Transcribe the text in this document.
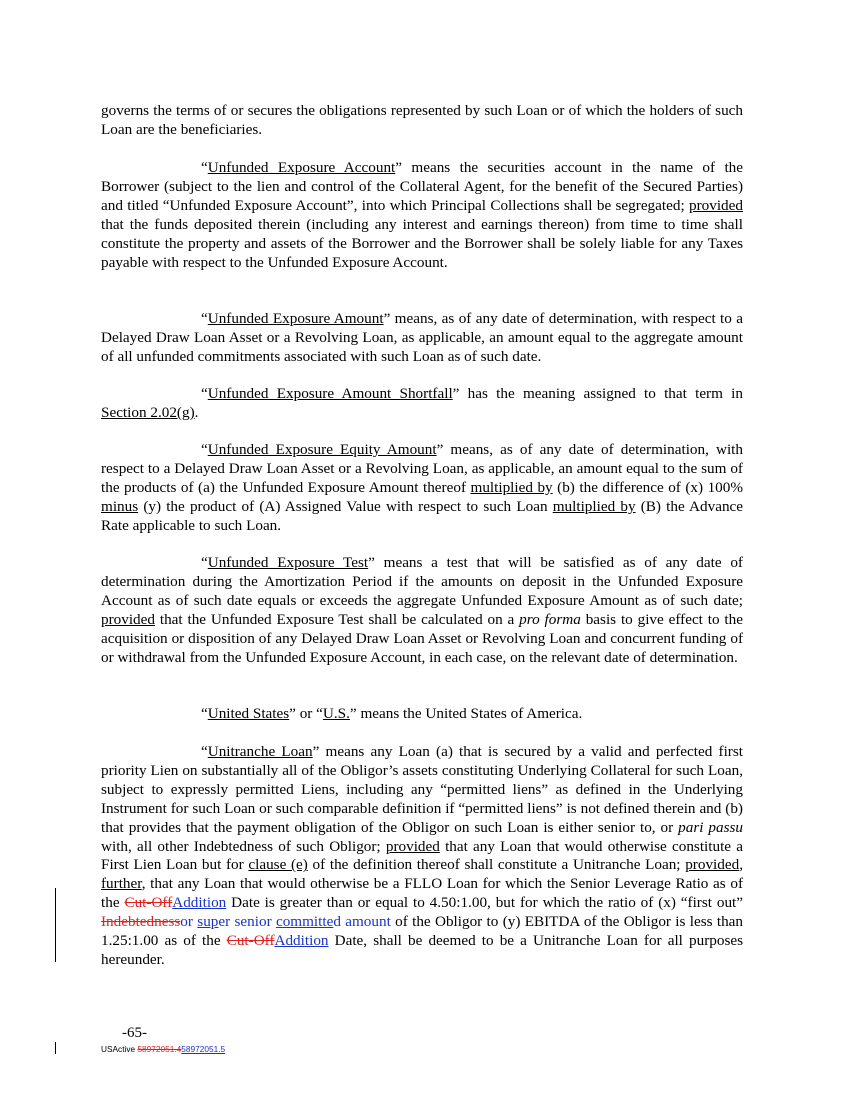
governs the terms of or secures the obligations represented by such Loan or of which the holders of such Loan are the beneficiaries.

“Unfunded Exposure Account” means the securities account in the name of the Borrower (subject to the lien and control of the Collateral Agent, for the benefit of the Secured Parties) and titled “Unfunded Exposure Account”, into which Principal Collections shall be segregated; provided that the funds deposited therein (including any interest and earnings thereon) from time to time shall constitute the property and assets of the Borrower and the Borrower shall be solely liable for any Taxes payable with respect to the Unfunded Exposure Account.

“Unfunded Exposure Amount” means, as of any date of determination, with respect to a Delayed Draw Loan Asset or a Revolving Loan, as applicable, an amount equal to the aggregate amount of all unfunded commitments associated with such Loan as of such date.

“Unfunded Exposure Amount Shortfall” has the meaning assigned to that term in Section 2.02(g).

“Unfunded Exposure Equity Amount” means, as of any date of determination, with respect to a Delayed Draw Loan Asset or a Revolving Loan, as applicable, an amount equal to the sum of the products of (a) the Unfunded Exposure Amount thereof multiplied by (b) the difference of (x) 100% minus (y) the product of (A) Assigned Value with respect to such Loan multiplied by (B) the Advance Rate applicable to such Loan.

“Unfunded Exposure Test” means a test that will be satisfied as of any date of determination during the Amortization Period if the amounts on deposit in the Unfunded Exposure Account as of such date equals or exceeds the aggregate Unfunded Exposure Amount as of such date; provided that the Unfunded Exposure Test shall be calculated on a pro forma basis to give effect to the acquisition or disposition of any Delayed Draw Loan Asset or Revolving Loan and concurrent funding of or withdrawal from the Unfunded Exposure Account, in each case, on the relevant date of determination.

“United States” or “U.S.” means the United States of America.

“Unitranche Loan” means any Loan (a) that is secured by a valid and perfected first priority Lien on substantially all of the Obligor’s assets constituting Underlying Collateral for such Loan, subject to expressly permitted Liens, including any “permitted liens” as defined in the Underlying Instrument for such Loan or such comparable definition if “permitted liens” is not defined therein and (b) that provides that the payment obligation of the Obligor on such Loan is either senior to, or pari passu with, all other Indebtedness of such Obligor; provided that any Loan that would otherwise constitute a First Lien Loan but for clause (e) of the definition thereof shall constitute a Unitranche Loan; provided, further, that any Loan that would otherwise be a FLLO Loan for which the Senior Leverage Ratio as of the Cut-OffAddition Date is greater than or equal to 4.50:1.00, but for which the ratio of (x) “first out” Indebtednessor super senior committed amount of the Obligor to (y) EBITDA of the Obligor is less than 1.25:1.00 as of the Cut-OffAddition Date, shall be deemed to be a Unitranche Loan for all purposes hereunder.

-65-
USActive 58972051.458972051.5
